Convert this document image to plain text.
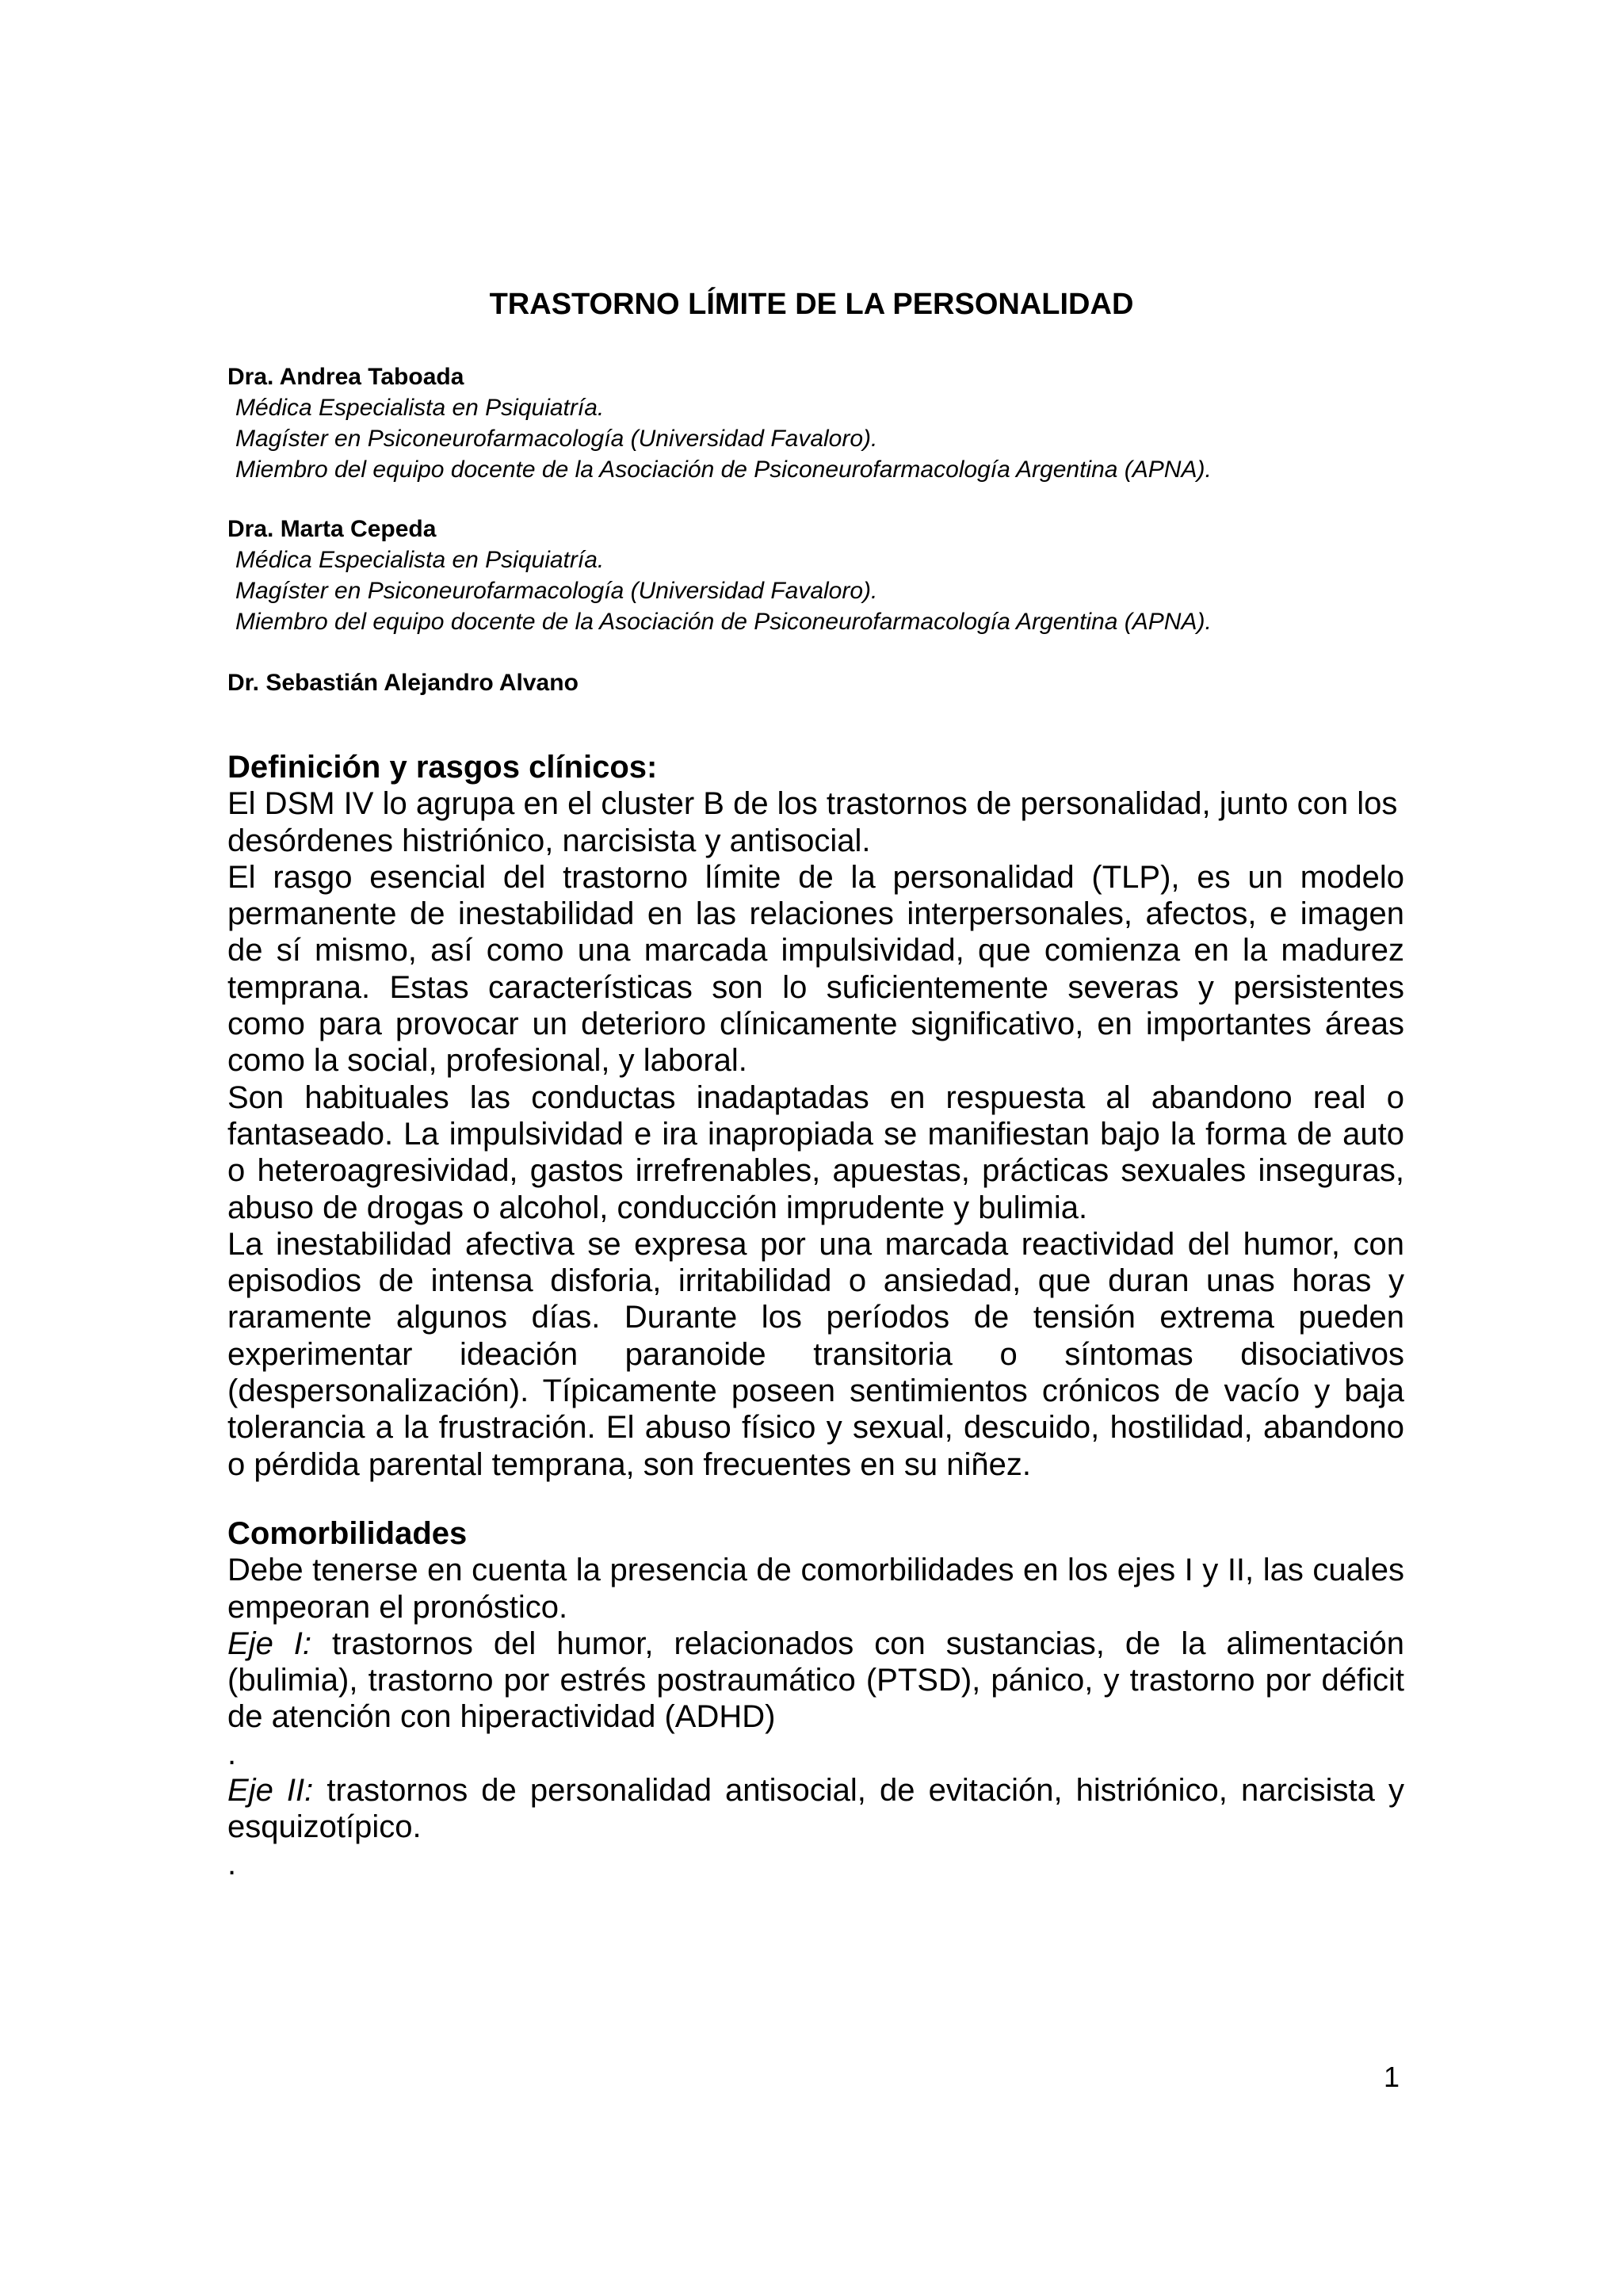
TRASTORNO LÍMITE DE LA PERSONALIDAD

Dra. Andrea Taboada

Médica Especialista en Psiquiatría.

Magíster en Psiconeurofarmacología (Universidad Favaloro).

Miembro del equipo docente de la Asociación de Psiconeurofarmacología Argentina (APNA).

Dra. Marta Cepeda

Médica Especialista en Psiquiatría.

Magíster en Psiconeurofarmacología (Universidad Favaloro).

Miembro del equipo docente de la Asociación de Psiconeurofarmacología Argentina (APNA).

Dr. Sebastián Alejandro Alvano

Definición y rasgos clínicos:

El DSM IV lo agrupa en el cluster B de los trastornos de personalidad, junto con los desórdenes histriónico, narcisista y antisocial.

El rasgo esencial del trastorno límite de la personalidad (TLP), es un modelo permanente de inestabilidad en las relaciones interpersonales, afectos, e imagen de sí mismo, así como una marcada impulsividad, que comienza en la madurez temprana. Estas características son lo suficientemente severas y persistentes como para provocar un deterioro clínicamente significativo, en importantes áreas como la social, profesional, y laboral.

Son habituales las conductas inadaptadas en respuesta al abandono real o fantaseado. La impulsividad e ira inapropiada se manifiestan bajo la forma de auto o heteroagresividad, gastos irrefrenables, apuestas, prácticas sexuales inseguras, abuso de drogas o alcohol, conducción imprudente y bulimia.

La inestabilidad afectiva se expresa por una marcada reactividad del humor, con episodios de intensa disforia, irritabilidad o ansiedad, que duran unas horas y raramente algunos días. Durante los períodos de tensión extrema pueden experimentar ideación paranoide transitoria o síntomas disociativos (despersonalización). Típicamente poseen sentimientos crónicos de vacío y baja tolerancia a la frustración. El abuso físico y sexual, descuido, hostilidad, abandono o pérdida parental temprana, son frecuentes en su niñez.

Comorbilidades

Debe tenerse en cuenta la presencia de comorbilidades en los ejes I y II, las cuales empeoran el pronóstico.

Eje I: trastornos del humor, relacionados con sustancias, de la alimentación (bulimia), trastorno por estrés postraumático (PTSD), pánico, y trastorno por déficit de atención con hiperactividad (ADHD)

.

Eje II: trastornos de personalidad antisocial, de evitación, histriónico, narcisista y esquizotípico.

.

1
